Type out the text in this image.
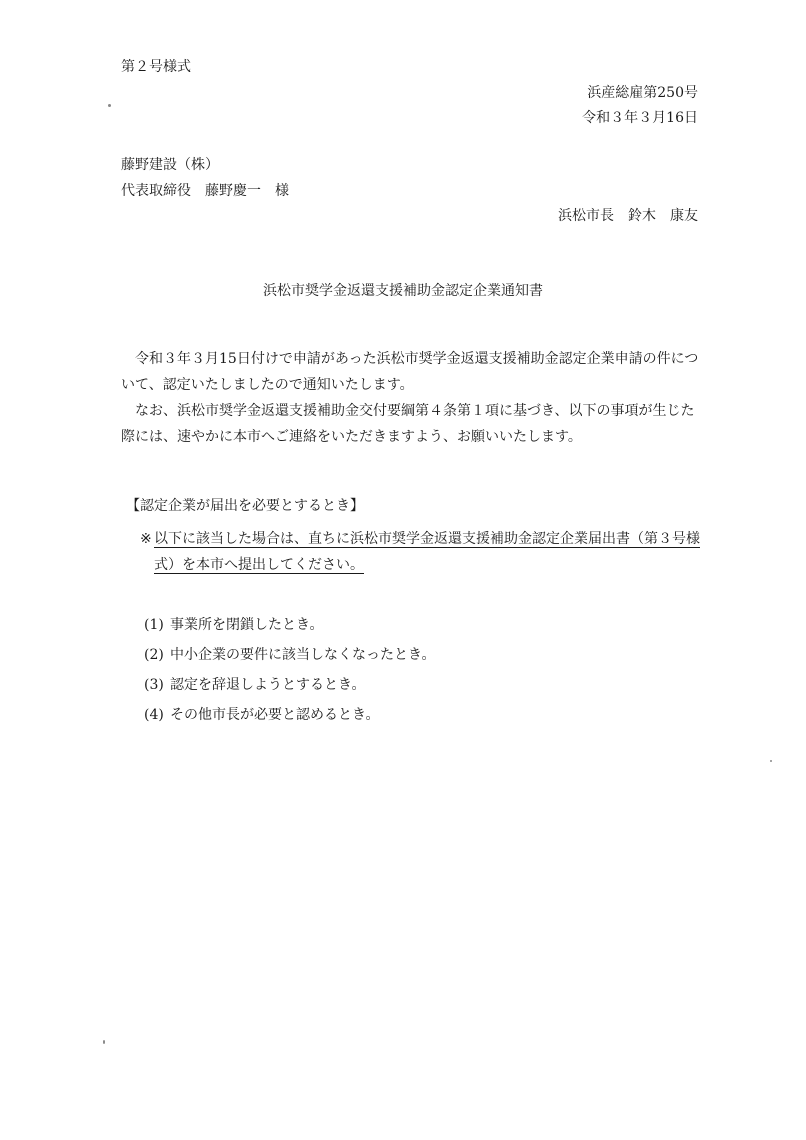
第２号様式
浜産総雇第250号
令和３年３月16日
藤野建設（株）
代表取締役　藤野慶一　様
浜松市長　鈴木　康友
浜松市奨学金返還支援補助金認定企業通知書

令和３年３月15日付けで申請があった浜松市奨学金返還支援補助金認定企業申請の件について、認定いたしましたので通知いたします。

なお、浜松市奨学金返還支援補助金交付要綱第４条第１項に基づき、以下の事項が生じた際には、速やかに本市へご連絡をいただきますよう、お願いいたします。

【認定企業が届出を必要とするとき】
※ 以下に該当した場合は、直ちに浜松市奨学金返還支援補助金認定企業届出書（第３号様式）を本市へ提出してください。
(1) 事業所を閉鎖したとき。
(2) 中小企業の要件に該当しなくなったとき。
(3) 認定を辞退しようとするとき。
(4) その他市長が必要と認めるとき。
